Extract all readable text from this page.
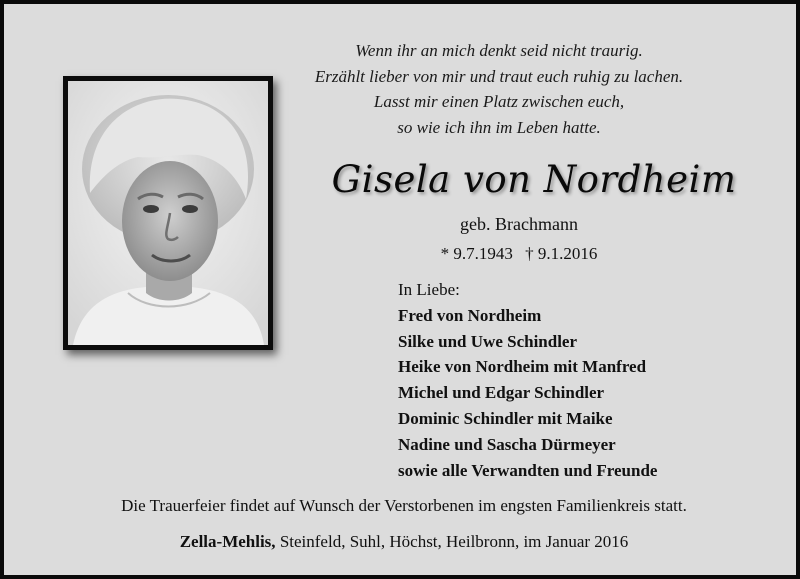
Wenn ihr an mich denkt seid nicht traurig.
Erzählt lieber von mir und traut euch ruhig zu lachen.
Lasst mir einen Platz zwischen euch,
so wie ich ihn im Leben hatte.
Gisela von Nordheim
geb. Brachmann
* 9.7.1943 † 9.1.2016
In Liebe:
Fred von Nordheim
Silke und Uwe Schindler
Heike von Nordheim mit Manfred
Michel und Edgar Schindler
Dominic Schindler mit Maike
Nadine und Sascha Dürmeyer
sowie alle Verwandten und Freunde
Die Trauerfeier findet auf Wunsch der Verstorbenen im engsten Familienkreis statt.
Zella-Mehlis, Steinfeld, Suhl, Höchst, Heilbronn, im Januar 2016
